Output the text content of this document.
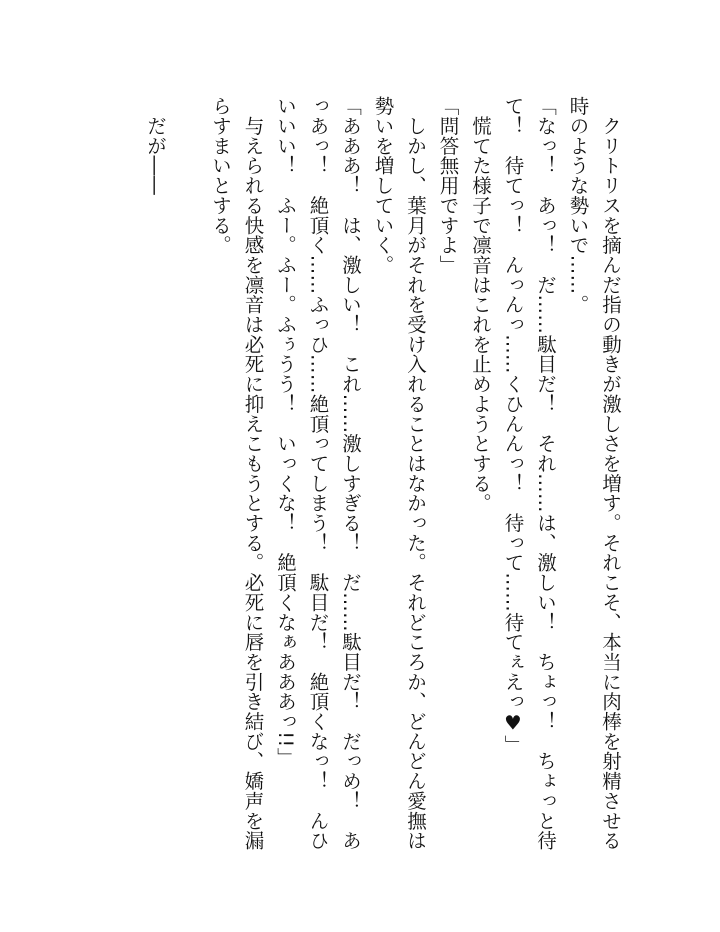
　クリトリスを摘んだ指の動きが激しさを増す。それこそ、本当に肉棒を射精させる時のような勢いで……。

「なっ！　あっ！　だ……駄目だ！　それ……は、激しい！　ちょっ！　ちょっと待て！　待てっ！　んっんっ……くひんんっ！　待って……待てぇえっ♥」

　慌てた様子で凛音はこれを止めようとする。

「問答無用ですよ」

　しかし、葉月がそれを受け入れることはなかった。それどころか、どんどん愛撫は勢いを増していく。

「あああ！　は、激しい！　これ……激しすぎる！　だ……駄目だ！　だっめ！　あっあっ！　絶頂く……ふっひ……絶頂ってしまう！　駄目だ！　絶頂くなっ！　んひいいい！　ふー。ふー。ふぅうう！　いっくな！　絶頂くなぁあああっ!!」

　与えられる快感を凛音は必死に抑えこもうとする。必死に唇を引き結び、嬌声を漏らすまいとする。

　だが――
